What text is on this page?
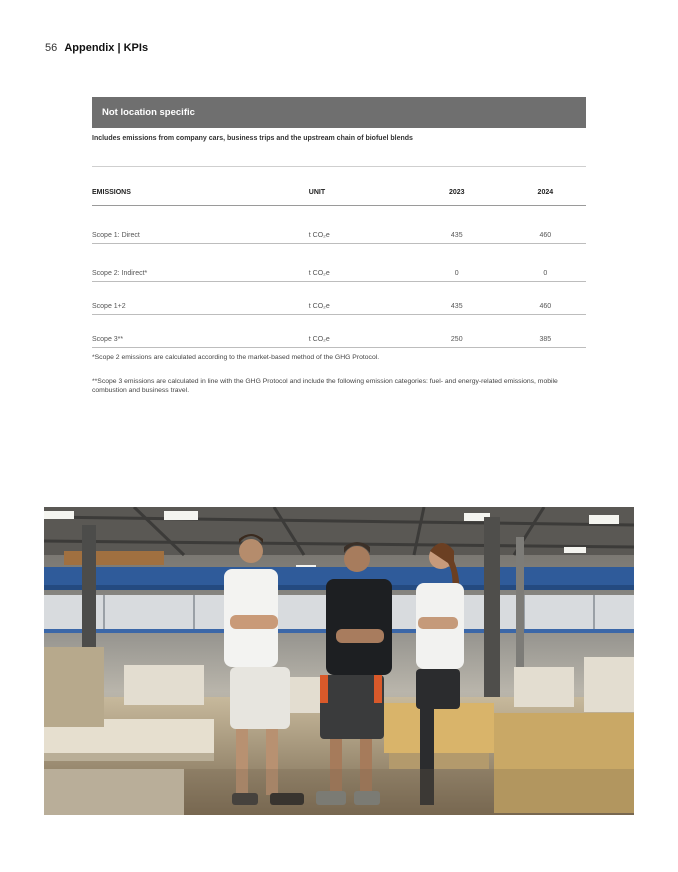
56 Appendix | KPIs
Not location specific
Includes emissions from company cars, business trips and the upstream chain of biofuel blends
EMISSIONS	UNIT	2023	2024
Scope 1: Direct	t CO₂e	435	460
Scope 2: Indirect*	t CO₂e	0	0
Scope 1+2	t CO₂e	435	460
Scope 3**	t CO₂e	250	385
*Scope 2 emissions are calculated according to the market-based method of the GHG Protocol.
**Scope 3 emissions are calculated in line with the GHG Protocol and include the following emission categories: fuel- and energy-related emissions, mobile combustion and business travel.
